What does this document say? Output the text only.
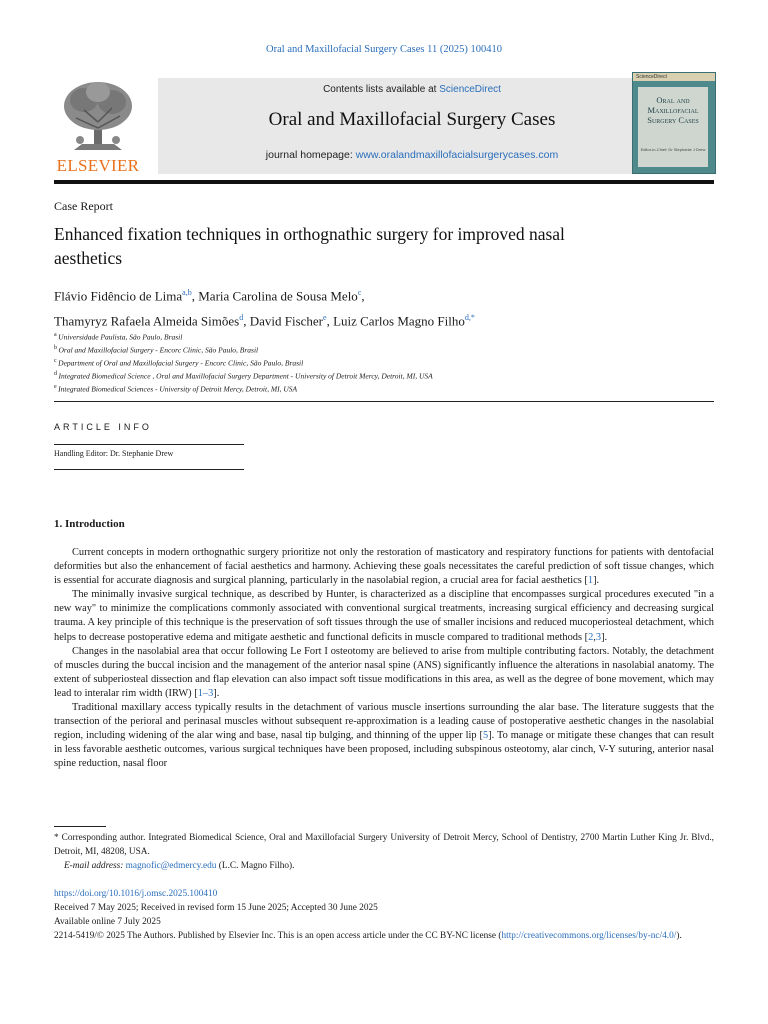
Oral and Maxillofacial Surgery Cases 11 (2025) 100410
ELSEVIER
Contents lists available at ScienceDirect
Oral and Maxillofacial Surgery Cases
journal homepage: www.oralandmaxillofacialsurgerycases.com
ScienceDirect
Oral and Maxillofacial Surgery Cases
Editor-in-Chief: Dr Stephanie J Drew
Case Report
Enhanced fixation techniques in orthognathic surgery for improved nasal aesthetics
Flávio Fidêncio de Lima$^{a,b}$, Maria Carolina de Sousa Melo$^c$,
Thamyryz Rafaela Almeida Simões$^d$, David Fischer$^e$, Luiz Carlos Magno Filho$^{d,*}$
$^a$ Universidade Paulista, São Paulo, Brasil
$^b$ Oral and Maxillofacial Surgery - Encorc Clinic, São Paulo, Brasil
$^c$ Department of Oral and Maxillofacial Surgery - Encorc Clinic, São Paulo, Brasil
$^d$ Integrated Biomedical Science , Oral and Maxillofacial Surgery Department - University of Detroit Mercy, Detroit, MI, USA
$^e$ Integrated Biomedical Sciences - University of Detroit Mercy, Detroit, MI, USA
ARTICLE INFO
Handling Editor: Dr. Stephanie Drew
1. Introduction

Current concepts in modern orthognathic surgery prioritize not only the restoration of masticatory and respiratory functions for patients with dentofacial deformities but also the enhancement of facial aesthetics and harmony. Achieving these goals necessitates the careful prediction of soft tissue changes, which is essential for accurate diagnosis and surgical planning, particularly in the nasolabial region, a crucial area for facial aesthetics [1].

The minimally invasive surgical technique, as described by Hunter, is characterized as a discipline that encompasses surgical procedures executed "in a new way" to minimize the complications commonly associated with conventional surgical treatments, increasing surgical efficiency and decreasing surgical trauma. A key principle of this technique is the preservation of soft tissues through the use of smaller incisions and reduced mucoperiosteal detachment, which helps to decrease postoperative edema and mitigate aesthetic and functional deficits in muscle compared to traditional methods [2,3].

Changes in the nasolabial area that occur following Le Fort I osteotomy are believed to arise from multiple contributing factors. Notably, the detachment of muscles during the buccal incision and the management of the anterior nasal spine (ANS) significantly influence the alterations in nasolabial anatomy. The extent of subperiosteal dissection and flap elevation can also impact soft tissue modifications in this area, as well as the degree of bone movement, which may lead to interalar rim width (IRW) [1–3].

Traditional maxillary access typically results in the detachment of various muscle insertions surrounding the alar base. The literature suggests that the transection of the perioral and perinasal muscles without subsequent re-approximation is a leading cause of postoperative aesthetic changes in the nasolabial region, including widening of the alar wing and base, nasal tip bulging, and thinning of the upper lip [5]. To manage or mitigate these changes that can result in less favorable aesthetic outcomes, various surgical techniques have been proposed, including subspinous osteotomy, alar cinch, V-Y suturing, anterior nasal spine reduction, nasal floor

* Corresponding author. Integrated Biomedical Science, Oral and Maxillofacial Surgery University of Detroit Mercy, School of Dentistry, 2700 Martin Luther King Jr. Blvd., Detroit, MI, 48208, USA.
E-mail address: magnofic@edmercy.edu (L.C. Magno Filho).
https://doi.org/10.1016/j.omsc.2025.100410
Received 7 May 2025; Received in revised form 15 June 2025; Accepted 30 June 2025
Available online 7 July 2025
2214-5419/© 2025 The Authors. Published by Elsevier Inc. This is an open access article under the CC BY-NC license (http://creativecommons.org/licenses/by-nc/4.0/).
